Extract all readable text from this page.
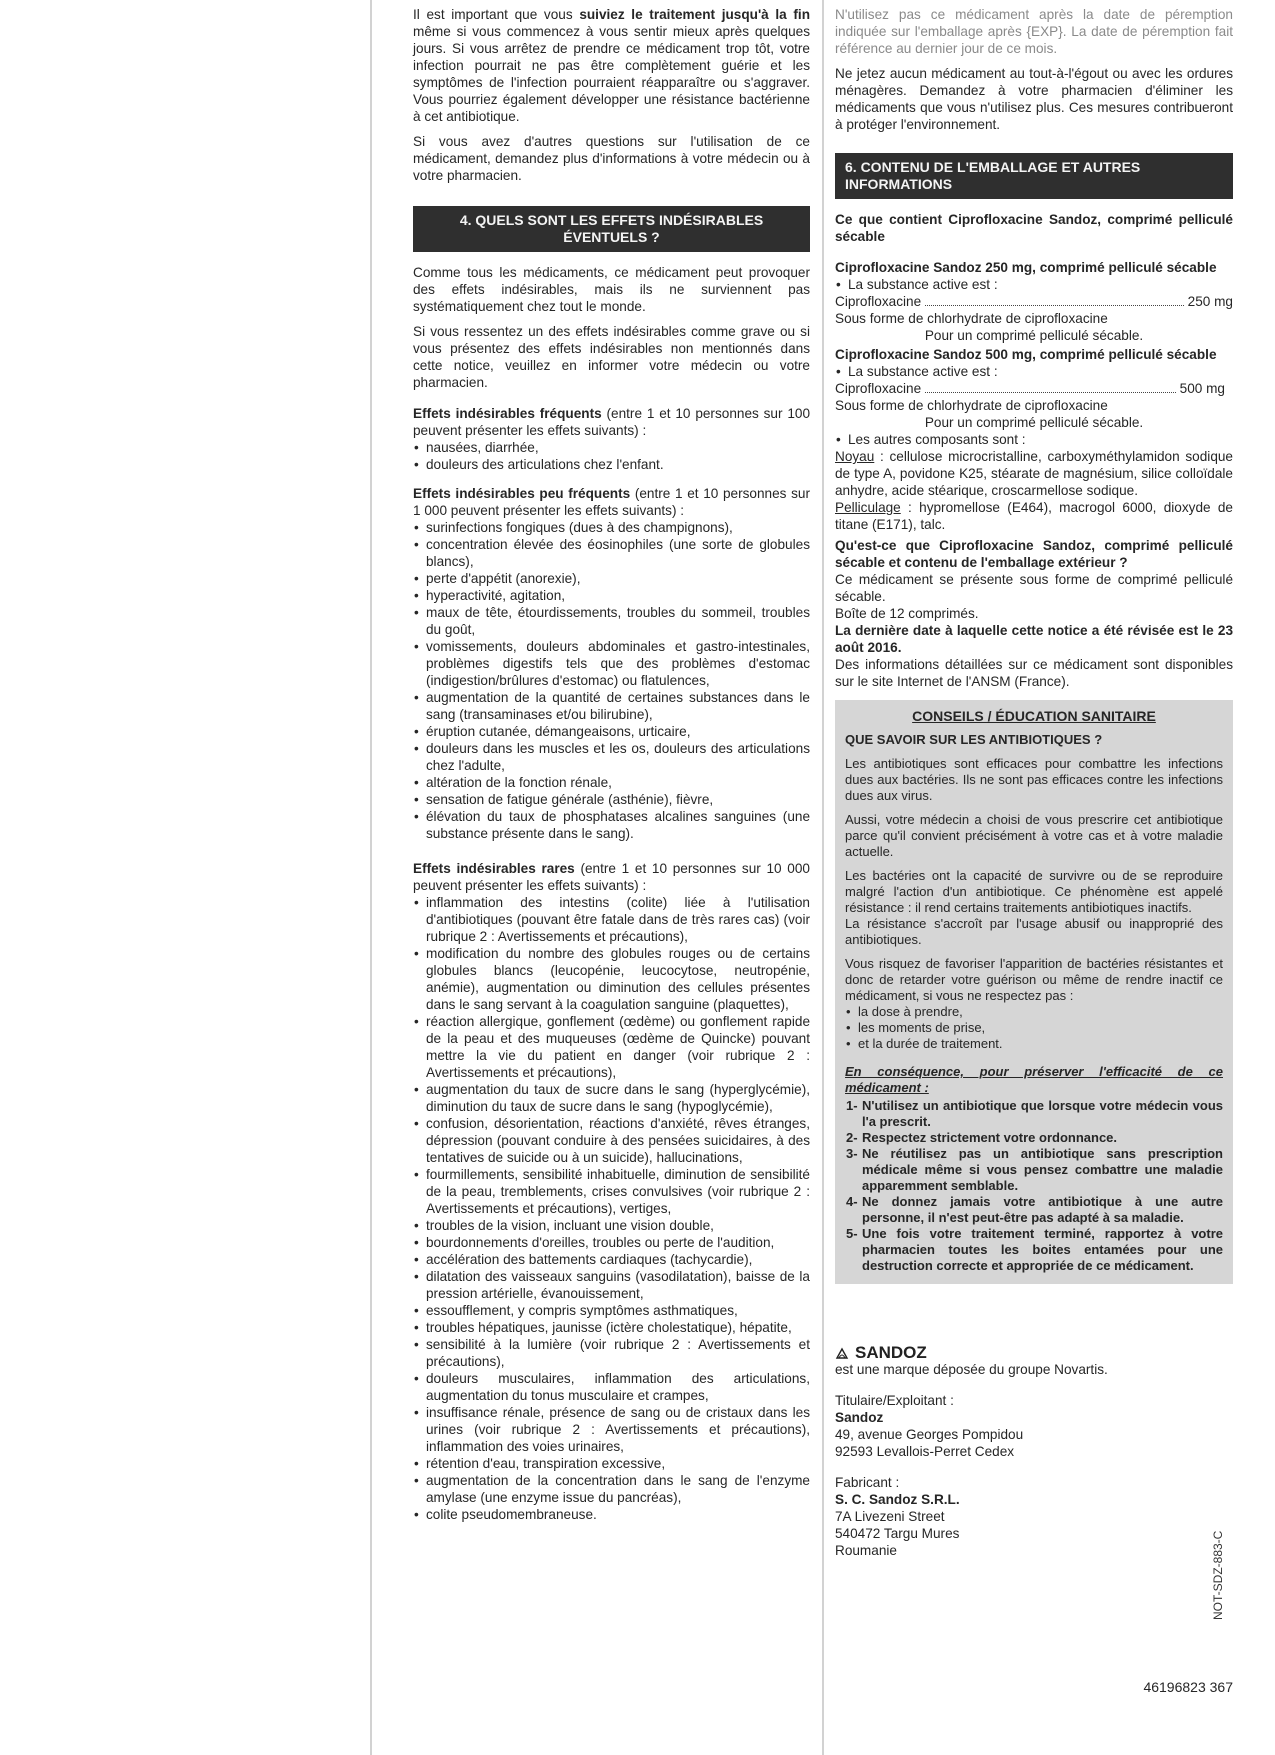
Il est important que vous suiviez le traitement jusqu'à la fin même si vous commencez à vous sentir mieux après quelques jours. Si vous arrêtez de prendre ce médicament trop tôt, votre infection pourrait ne pas être complètement guérie et les symptômes de l'infection pourraient réapparaître ou s'aggraver. Vous pourriez également développer une résistance bactérienne à cet antibiotique.

Si vous avez d'autres questions sur l'utilisation de ce médicament, demandez plus d'informations à votre médecin ou à votre pharmacien.

4. QUELS SONT LES EFFETS INDÉSIRABLES ÉVENTUELS ?

Comme tous les médicaments, ce médicament peut provoquer des effets indésirables, mais ils ne surviennent pas systématiquement chez tout le monde.

Si vous ressentez un des effets indésirables comme grave ou si vous présentez des effets indésirables non mentionnés dans cette notice, veuillez en informer votre médecin ou votre pharmacien.

Effets indésirables fréquents (entre 1 et 10 personnes sur 100 peuvent présenter les effets suivants) :

• nausées, diarrhée,
• douleurs des articulations chez l'enfant.

Effets indésirables peu fréquents (entre 1 et 10 personnes sur 1 000 peuvent présenter les effets suivants) :

• surinfections fongiques (dues à des champignons),
• concentration élevée des éosinophiles (une sorte de globules blancs),
• perte d'appétit (anorexie),
• hyperactivité, agitation,
• maux de tête, étourdissements, troubles du sommeil, troubles du goût,
• vomissements, douleurs abdominales et gastro-intestinales, problèmes digestifs tels que des problèmes d'estomac (indigestion/brûlures d'estomac) ou flatulences,
• augmentation de la quantité de certaines substances dans le sang (transaminases et/ou bilirubine),
• éruption cutanée, démangeaisons, urticaire,
• douleurs dans les muscles et les os, douleurs des articulations chez l'adulte,
• altération de la fonction rénale,
• sensation de fatigue générale (asthénie), fièvre,
• élévation du taux de phosphatases alcalines sanguines (une substance présente dans le sang).

Effets indésirables rares (entre 1 et 10 personnes sur 10 000 peuvent présenter les effets suivants) :

• inflammation des intestins (colite) liée à l'utilisation d'antibiotiques (pouvant être fatale dans de très rares cas) (voir rubrique 2 : Avertissements et précautions),
• modification du nombre des globules rouges ou de certains globules blancs (leucopénie, leucocytose, neutropénie, anémie), augmentation ou diminution des cellules présentes dans le sang servant à la coagulation sanguine (plaquettes),
• réaction allergique, gonflement (œdème) ou gonflement rapide de la peau et des muqueuses (œdème de Quincke) pouvant mettre la vie du patient en danger (voir rubrique 2 : Avertissements et précautions),
• augmentation du taux de sucre dans le sang (hyperglycémie), diminution du taux de sucre dans le sang (hypoglycémie),
• confusion, désorientation, réactions d'anxiété, rêves étranges, dépression (pouvant conduire à des pensées suicidaires, à des tentatives de suicide ou à un suicide), hallucinations,
• fourmillements, sensibilité inhabituelle, diminution de sensibilité de la peau, tremblements, crises convulsives (voir rubrique 2 : Avertissements et précautions), vertiges,
• troubles de la vision, incluant une vision double,
• bourdonnements d'oreilles, troubles ou perte de l'audition,
• accélération des battements cardiaques (tachycardie),
• dilatation des vaisseaux sanguins (vasodilatation), baisse de la pression artérielle, évanouissement,
• essoufflement, y compris symptômes asthmatiques,
• troubles hépatiques, jaunisse (ictère cholestatique), hépatite,
• sensibilité à la lumière (voir rubrique 2 : Avertissements et précautions),
• douleurs musculaires, inflammation des articulations, augmentation du tonus musculaire et crampes,
• insuffisance rénale, présence de sang ou de cristaux dans les urines (voir rubrique 2 : Avertissements et précautions), inflammation des voies urinaires,
• rétention d'eau, transpiration excessive,
• augmentation de la concentration dans le sang de l'enzyme amylase (une enzyme issue du pancréas),
• colite pseudomembraneuse.

N'utilisez pas ce médicament après la date de péremption indiquée sur l'emballage après {EXP}. La date de péremption fait référence au dernier jour de ce mois.

Ne jetez aucun médicament au tout-à-l'égout ou avec les ordures ménagères. Demandez à votre pharmacien d'éliminer les médicaments que vous n'utilisez plus. Ces mesures contribueront à protéger l'environnement.

6. CONTENU DE L'EMBALLAGE ET AUTRES INFORMATIONS

Ce que contient Ciprofloxacine Sandoz, comprimé pelliculé sécable

Ciprofloxacine Sandoz 250 mg, comprimé pelliculé sécable

• La substance active est :
Ciprofloxacine	250 mg

Sous forme de chlorhydrate de ciprofloxacine

Pour un comprimé pelliculé sécable.

Ciprofloxacine Sandoz 500 mg, comprimé pelliculé sécable

• La substance active est :
Ciprofloxacine	500 mg

Sous forme de chlorhydrate de ciprofloxacine

Pour un comprimé pelliculé sécable.

• Les autres composants sont :

Noyau : cellulose microcristalline, carboxyméthylamidon sodique de type A, povidone K25, stéarate de magnésium, silice colloïdale anhydre, acide stéarique, croscarmellose sodique.

Pelliculage : hypromellose (E464), macrogol 6000, dioxyde de titane (E171), talc.

Qu'est-ce que Ciprofloxacine Sandoz, comprimé pelliculé sécable et contenu de l'emballage extérieur ?

Ce médicament se présente sous forme de comprimé pelliculé sécable.

Boîte de 12 comprimés.

La dernière date à laquelle cette notice a été révisée est le 23 août 2016.

Des informations détaillées sur ce médicament sont disponibles sur le site Internet de l'ANSM (France).

CONSEILS / ÉDUCATION SANITAIRE

QUE SAVOIR SUR LES ANTIBIOTIQUES ?

Les antibiotiques sont efficaces pour combattre les infections dues aux bactéries. Ils ne sont pas efficaces contre les infections dues aux virus.

Aussi, votre médecin a choisi de vous prescrire cet antibiotique parce qu'il convient précisément à votre cas et à votre maladie actuelle.

Les bactéries ont la capacité de survivre ou de se reproduire malgré l'action d'un antibiotique. Ce phénomène est appelé résistance : il rend certains traitements antibiotiques inactifs.

La résistance s'accroît par l'usage abusif ou inapproprié des antibiotiques.

Vous risquez de favoriser l'apparition de bactéries résistantes et donc de retarder votre guérison ou même de rendre inactif ce médicament, si vous ne respectez pas :

• la dose à prendre,
• les moments de prise,
• et la durée de traitement.

En conséquence, pour préserver l'efficacité de ce médicament :

1- N'utilisez un antibiotique que lorsque votre médecin vous l'a prescrit.
2- Respectez strictement votre ordonnance.
3- Ne réutilisez pas un antibiotique sans prescription médicale même si vous pensez combattre une maladie apparemment semblable.
4- Ne donnez jamais votre antibiotique à une autre personne, il n'est peut-être pas adapté à sa maladie.
5- Une fois votre traitement terminé, rapportez à votre pharmacien toutes les boites entamées pour une destruction correcte et appropriée de ce médicament.
SANDOZ

est une marque déposée du groupe Novartis.

Titulaire/Exploitant :

Sandoz

49, avenue Georges Pompidou

92593 Levallois-Perret Cedex

Fabricant :

S. C. Sandoz S.R.L.

7A Livezeni Street

540472 Targu Mures

Roumanie

46196823 367
NOT-SDZ-883-C
